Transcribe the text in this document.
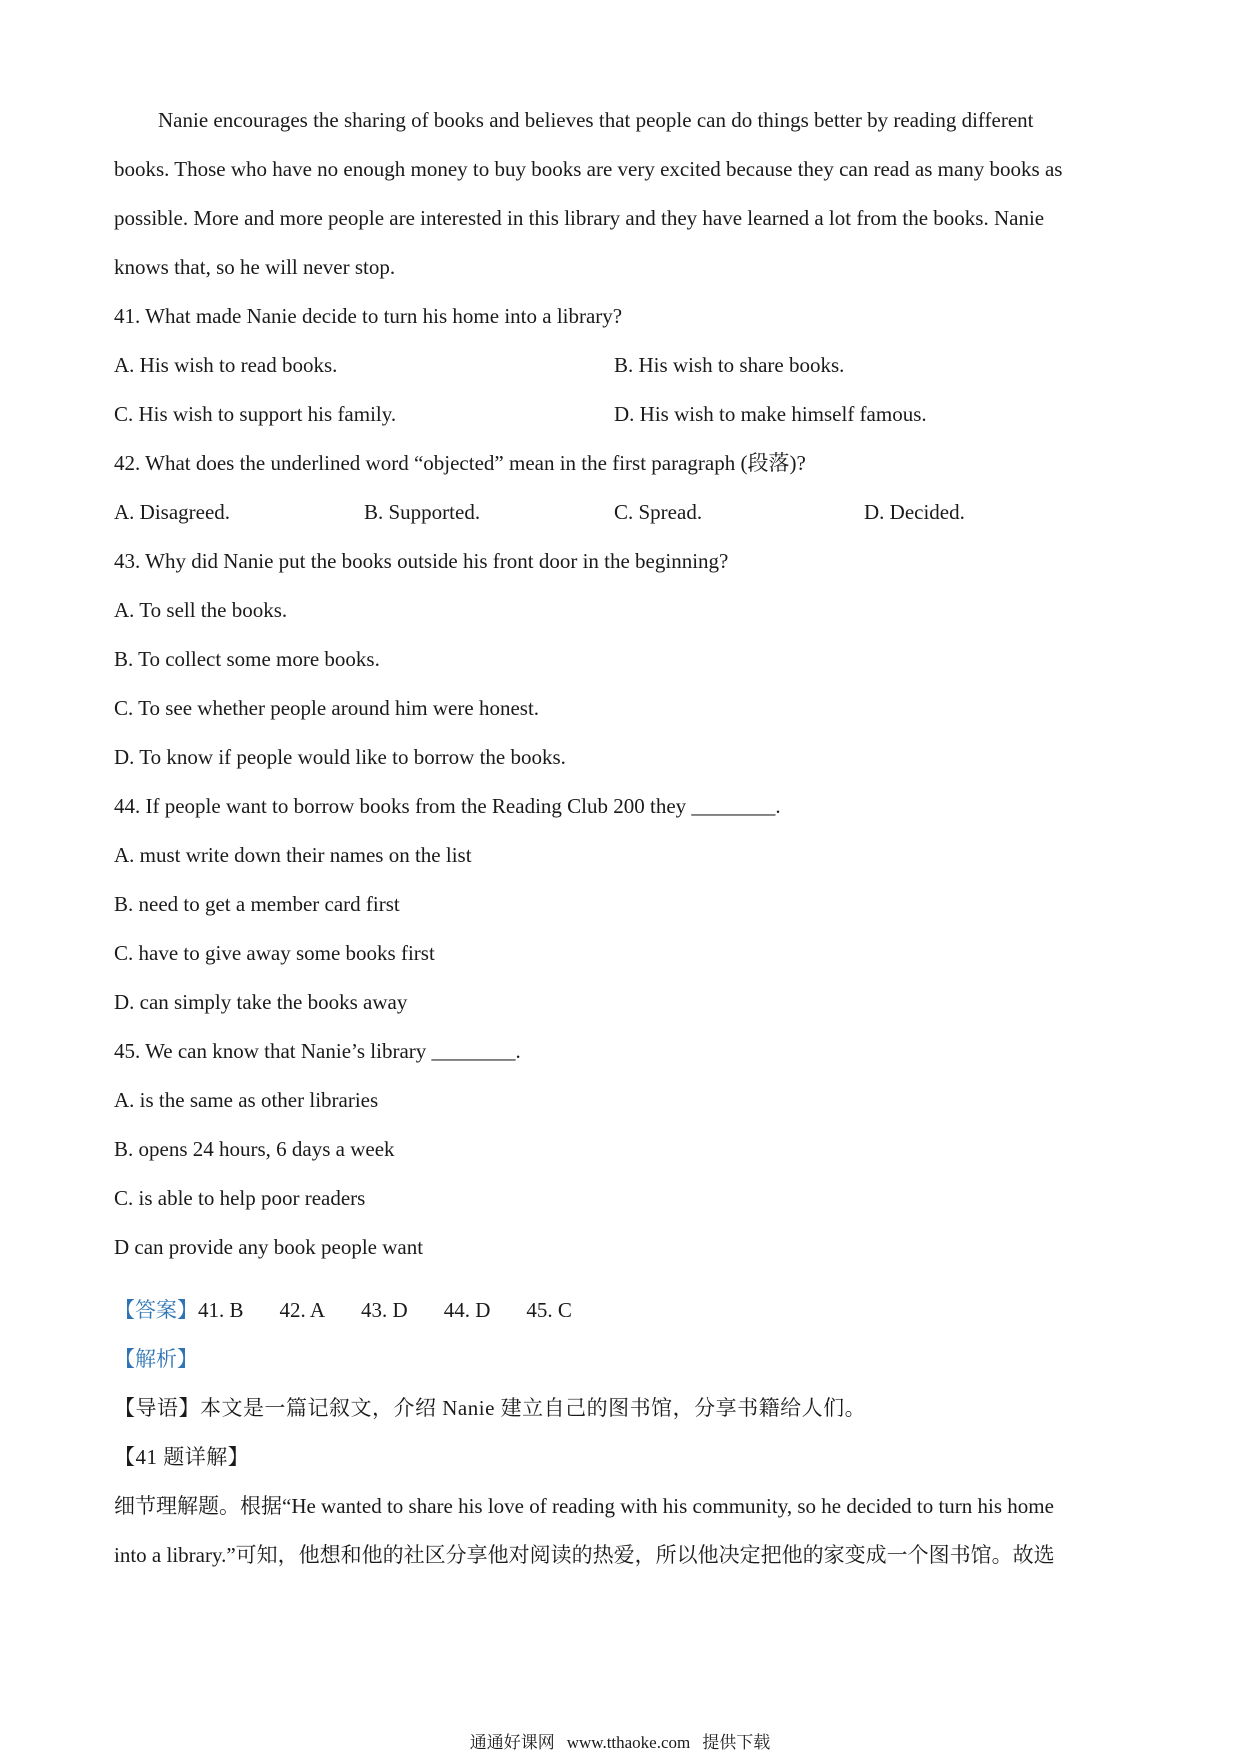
Nanie encourages the sharing of books and believes that people can do things better by reading different
books. Those who have no enough money to buy books are very excited because they can read as many books as
possible. More and more people are interested in this library and they have learned a lot from the books. Nanie
knows that, so he will never stop.
41. What made Nanie decide to turn his home into a library?
A. His wish to read books.	B. His wish to share books.
C. His wish to support his family.	D. His wish to make himself famous.
42. What does the underlined word “objected” mean in the first paragraph (段落)?
A. Disagreed.	B. Supported.	C. Spread.	D. Decided.
43. Why did Nanie put the books outside his front door in the beginning?
A. To sell the books.
B. To collect some more books.
C. To see whether people around him were honest.
D. To know if people would like to borrow the books.
44. If people want to borrow books from the Reading Club 200 they ________.
A. must write down their names on the list
B. need to get a member card first
C. have to give away some books first
D. can simply take the books away
45. We can know that Nanie’s library ________.
A. is the same as other libraries
B. opens 24 hours, 6 days a week
C. is able to help poor readers
D can provide any book people want
【答案】41. B 42. A 43. D 44. D 45. C
【解析】
【导语】本文是一篇记叙文，介绍 Nanie 建立自己的图书馆，分享书籍给人们。
【41 题详解】
细节理解题。根据“He wanted to share his love of reading with his community, so he decided to turn his home
into a library.”可知，他想和他的社区分享他对阅读的热爱，所以他决定把他的家变成一个图书馆。故选
通通好课网 www.tthaoke.com 提供下载
